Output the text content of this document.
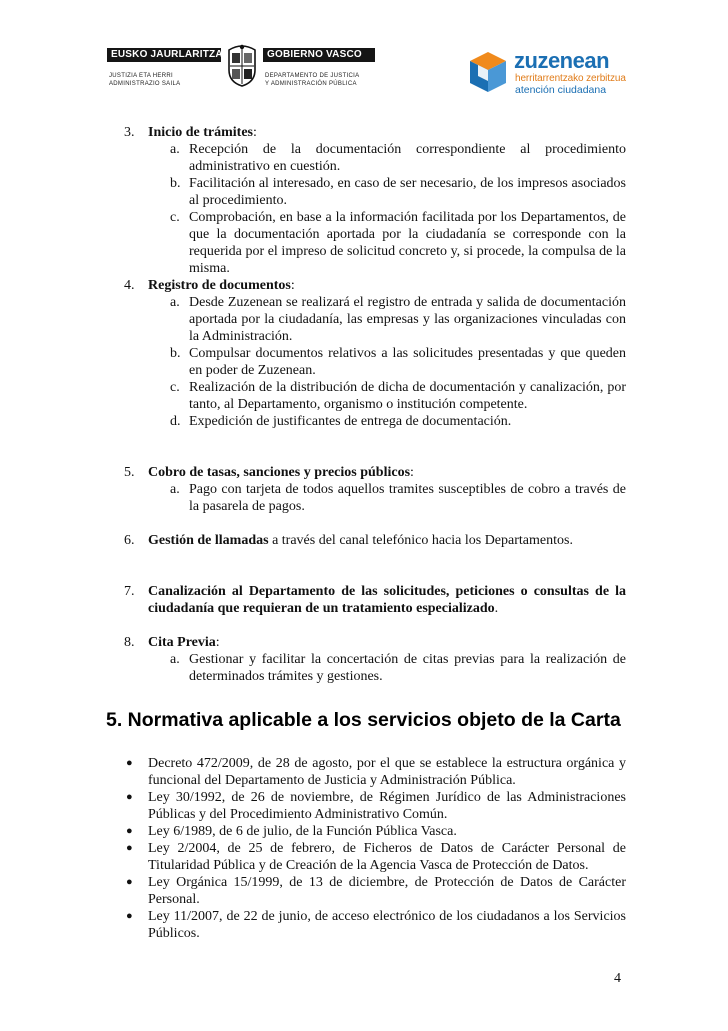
EUSKO JAURLARITZA
JUSTIZIA ETA HERRI
ADMINISTRAZIO SAILA
GOBIERNO VASCO
DEPARTAMENTO DE JUSTICIA
Y ADMINISTRACIÓN PÚBLICA
zuzenean
herritarrentzako zerbitzua
atención ciudadana
3. Inicio de trámites:
a. Recepción de la documentación correspondiente al procedimiento administrativo en cuestión.
b. Facilitación al interesado, en caso de ser necesario, de los impresos asociados al procedimiento.
c. Comprobación, en base a la información facilitada por los Departamentos, de que la documentación aportada por la ciudadanía se corresponde con la requerida por el impreso de solicitud concreto y, si procede, la compulsa de la misma.
4. Registro de documentos:
a. Desde Zuzenean se realizará el registro de entrada y salida de documentación aportada por la ciudadanía, las empresas y las organizaciones vinculadas con la Administración.
b. Compulsar documentos relativos a las solicitudes presentadas y que queden en poder de Zuzenean.
c. Realización de la distribución de dicha de documentación y canalización, por tanto, al Departamento, organismo o institución competente.
d. Expedición de justificantes de entrega de documentación.
5. Cobro de tasas, sanciones y precios públicos:
a. Pago con tarjeta de todos aquellos tramites susceptibles de cobro a través de la pasarela de pagos.
6. Gestión de llamadas a través del canal telefónico hacia los Departamentos.
7. Canalización al Departamento de las solicitudes, peticiones o consultas de la ciudadanía que requieran de un tratamiento especializado.
8. Cita Previa:
a. Gestionar y facilitar la concertación de citas previas para la realización de determinados trámites y gestiones.
5. Normativa aplicable a los servicios objeto de la Carta
● Decreto 472/2009, de 28 de agosto, por el que se establece la estructura orgánica y funcional del Departamento de Justicia y Administración Pública.
● Ley 30/1992, de 26 de noviembre, de Régimen Jurídico de las Administraciones Públicas y del Procedimiento Administrativo Común.
● Ley 6/1989, de 6 de julio, de la Función Pública Vasca.
● Ley 2/2004, de 25 de febrero, de Ficheros de Datos de Carácter Personal de Titularidad Pública y de Creación de la Agencia Vasca de Protección de Datos.
● Ley Orgánica 15/1999, de 13 de diciembre, de Protección de Datos de Carácter Personal.
● Ley 11/2007, de 22 de junio, de acceso electrónico de los ciudadanos a los Servicios Públicos.
4
